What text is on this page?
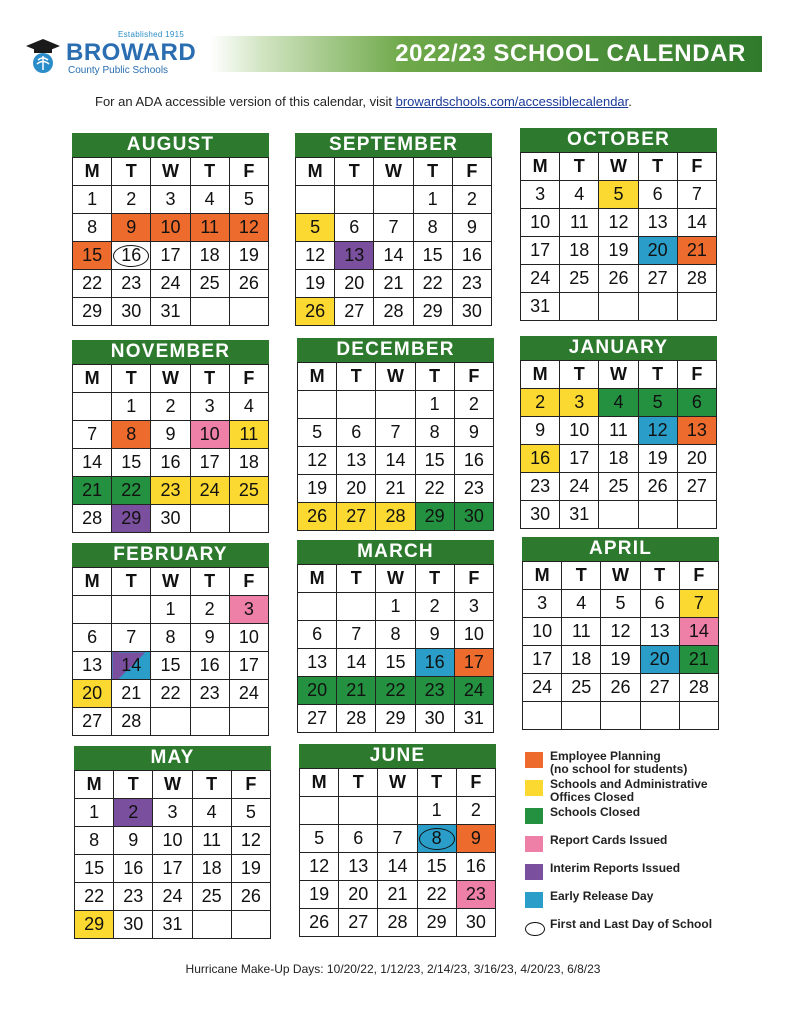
Established 1915
BROWARD
County Public Schools
2022/23 SCHOOL CALENDAR
For an ADA accessible version of this calendar, visit browardschools.com/accessiblecalendar.
AUGUST
M	T	W	T	F
1	2	3	4	5
8	9	10	11	12
15	16	17	18	19
22	23	24	25	26
29	30	31		
SEPTEMBER
M	T	W	T	F
			1	2
5	6	7	8	9
12	13	14	15	16
19	20	21	22	23
26	27	28	29	30
OCTOBER
M	T	W	T	F
3	4	5	6	7
10	11	12	13	14
17	18	19	20	21
24	25	26	27	28
31				
NOVEMBER
M	T	W	T	F
	1	2	3	4
7	8	9	10	11
14	15	16	17	18
21	22	23	24	25
28	29	30		
DECEMBER
M	T	W	T	F
			1	2
5	6	7	8	9
12	13	14	15	16
19	20	21	22	23
26	27	28	29	30
JANUARY
M	T	W	T	F
2	3	4	5	6
9	10	11	12	13
16	17	18	19	20
23	24	25	26	27
30	31			
FEBRUARY
M	T	W	T	F
		1	2	3
6	7	8	9	10
13	14	15	16	17
20	21	22	23	24
27	28			
MARCH
M	T	W	T	F
		1	2	3
6	7	8	9	10
13	14	15	16	17
20	21	22	23	24
27	28	29	30	31
APRIL
M	T	W	T	F
3	4	5	6	7
10	11	12	13	14
17	18	19	20	21
24	25	26	27	28

MAY
M	T	W	T	F
1	2	3	4	5
8	9	10	11	12
15	16	17	18	19
22	23	24	25	26
29	30	31		
JUNE
M	T	W	T	F
			1	2
5	6	7	8	9
12	13	14	15	16
19	20	21	22	23
26	27	28	29	30
Employee Planning
(no school for students)
Schools and Administrative
Offices Closed
Schools Closed
Report Cards Issued
Interim Reports Issued
Early Release Day
First and Last Day of School
Hurricane Make-Up Days: 10/20/22, 1/12/23, 2/14/23, 3/16/23, 4/20/23, 6/8/23
